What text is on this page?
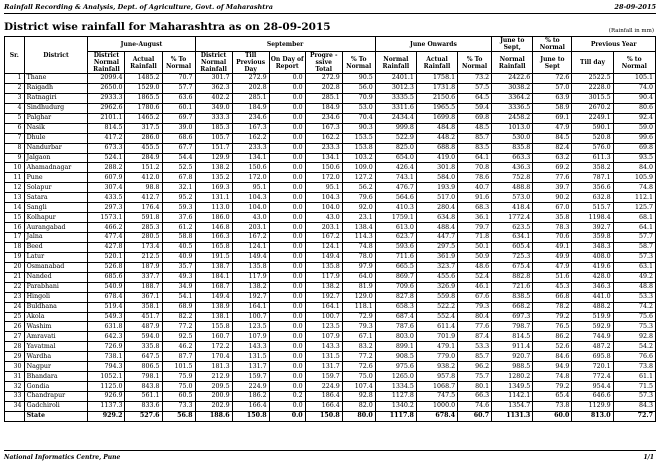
Rainfall Recording & Analysis, Dept. of Agriculture, Govt. of Maharashtra	28-09-2015
District wise rainfall for Maharashtra as on 28-09-2015	(Rainfall in mm)
Sr.	District	June-August			September					June Onwards			June to Sept,	% to Normal	Previous Year	
		District Normal Rainfall	Actual Rainfall	% To Normal	District Normal Rainfall	Till Previous Day	On Day of Report	Progre -ssive Total	% To Normal	Normal Rainfall	Actual Rainfall	% To Normal	Normal Rainfall	June to Sept	Till day	% to Normal
1	Thane	2099.4	1485.2	70.7	301.7	272.9	0.0	272.9	90.5	2401.1	1758.1	73.2	2422.6	72.6	2522.5	105.1
2	Raigadh	2650.0	1529.0	57.7	362.3	202.8	0.0	202.8	56.0	3012.3	1731.8	57.5	3038.2	57.0	2228.0	74.0
3	Ratnagiri	2933.3	1865.5	63.6	402.2	285.1	0.0	285.1	70.9	3335.5	2150.6	64.5	3364.2	63.9	3015.5	90.4
4	Sindhudurg	2962.6	1780.6	60.1	349.0	184.9	0.0	184.9	53.0	3311.6	1965.5	59.4	3336.5	58.9	2670.2	80.6
5	Palghar	2101.1	1465.2	69.7	333.3	234.6	0.0	234.6	70.4	2434.4	1699.8	69.8	2458.2	69.1	2249.1	92.4
6	Nasik	814.5	317.5	39.0	185.3	167.3	0.0	167.3	90.3	999.8	484.8	48.5	1013.0	47.9	590.1	59.0
7	Dhule	417.2	286.0	68.6	105.7	162.2	0.0	162.2	153.5	522.9	448.2	85.7	530.0	84.5	520.8	99.6
8	Nandurbar	673.3	455.5	67.7	151.7	233.3	0.0	233.3	153.8	825.0	688.8	83.5	835.8	82.4	576.0	69.8
9	Jalgaon	524.1	284.9	54.4	129.9	134.1	0.0	134.1	103.2	654.0	419.0	64.1	663.3	63.2	611.3	93.5
10	Ahamadnagar	288.2	151.2	52.5	138.2	150.6	0.0	150.6	109.0	426.4	301.8	70.8	436.3	69.2	358.2	84.0
11	Pune	607.9	412.0	67.8	135.2	172.0	0.0	172.0	127.2	743.1	584.0	78.6	752.8	77.6	787.1	105.9
12	Solapur	307.4	98.8	32.1	169.3	95.1	0.0	95.1	56.2	476.7	193.9	40.7	488.8	39.7	356.6	74.8
13	Satara	433.5	412.7	95.2	131.1	104.3	0.0	104.3	79.6	564.6	517.0	91.6	573.0	90.2	632.8	112.1
14	Sangli	297.3	176.4	59.3	113.0	104.0	0.0	104.0	92.0	410.3	280.4	68.3	418.4	67.0	515.7	125.7
15	Kolhapur	1573.1	591.8	37.6	186.0	43.0	0.0	43.0	23.1	1759.1	634.8	36.1	1772.4	35.8	1198.4	68.1
16	Aurangabad	466.2	285.3	61.2	146.8	203.1	0.0	203.1	138.4	613.0	488.4	79.7	623.5	78.3	392.7	64.1
17	Jalna	477.4	280.5	58.8	166.3	167.2	0.0	167.2	114.3	623.7	447.7	71.8	634.1	70.6	359.8	57.7
18	Beed	427.8	173.4	40.5	165.8	124.1	0.0	124.1	74.8	593.6	297.5	50.1	605.4	49.1	348.3	58.7
19	Latur	520.1	212.5	40.9	191.5	149.4	0.0	149.4	78.0	711.6	361.9	50.9	725.3	49.9	408.0	57.3
20	Osmanabad	526.8	187.9	35.7	138.7	135.8	0.0	135.8	97.9	665.5	323.7	48.6	675.4	47.9	419.6	63.1
21	Nanded	685.6	337.7	49.3	184.1	117.9	0.0	117.9	64.0	869.7	455.6	52.4	882.8	51.6	428.0	49.2
22	Parabhani	540.9	188.7	34.9	168.7	138.2	0.0	138.2	81.9	709.6	326.9	46.1	721.6	45.3	346.3	48.8
23	Hingoli	678.4	367.1	54.1	149.4	192.7	0.0	192.7	129.0	827.8	559.8	67.6	838.5	66.8	441.0	53.3
24	Buldhana	519.4	358.1	68.9	138.9	164.1	0.0	164.1	118.1	658.3	522.2	79.3	668.2	78.2	488.2	74.2
25	Akola	549.3	451.7	82.2	138.1	100.7	0.0	100.7	72.9	687.4	552.4	80.4	697.3	79.2	519.9	75.6
26	Washim	631.8	487.9	77.2	155.8	123.5	0.0	123.5	79.3	787.6	611.4	77.6	798.7	76.5	592.9	75.3
27	Amravati	642.3	594.0	92.5	160.7	107.9	0.0	107.9	67.1	803.0	701.9	87.4	814.5	86.2	744.9	92.8
28	Yavatmal	726.9	335.8	46.2	172.2	143.3	0.0	143.3	83.2	899.1	479.1	53.3	911.4	52.6	487.2	54.2
29	Wardha	738.1	647.5	87.7	170.4	131.5	0.0	131.5	77.2	908.5	779.0	85.7	920.7	84.6	695.8	76.6
30	Nagpur	794.3	806.5	101.5	181.3	131.7	0.0	131.7	72.6	975.6	938.2	96.2	988.5	94.9	720.1	73.8
31	Bhandara	1052.1	798.1	75.9	212.9	159.7	0.0	159.7	75.0	1265.0	957.8	75.7	1280.2	74.8	772.4	61.1
32	Gondia	1125.0	843.8	75.0	209.5	224.9	0.0	224.9	107.4	1334.5	1068.7	80.1	1349.5	79.2	954.4	71.5
33	Chandrapur	926.9	561.1	60.5	200.9	186.2	0.2	186.4	92.8	1127.8	747.5	66.3	1142.1	65.4	646.6	57.3
34	Gadchiroli	1137.3	833.6	73.3	202.9	166.4	0.0	166.4	82.0	1340.2	1000.0	74.6	1354.7	73.8	1129.9	84.3
	State	929.2	527.6	56.8	188.6	150.8	0.0	150.8	80.0	1117.8	678.4	60.7	1131.3	60.0	813.0	72.7
National Informatics Centre, Pune	1/1
